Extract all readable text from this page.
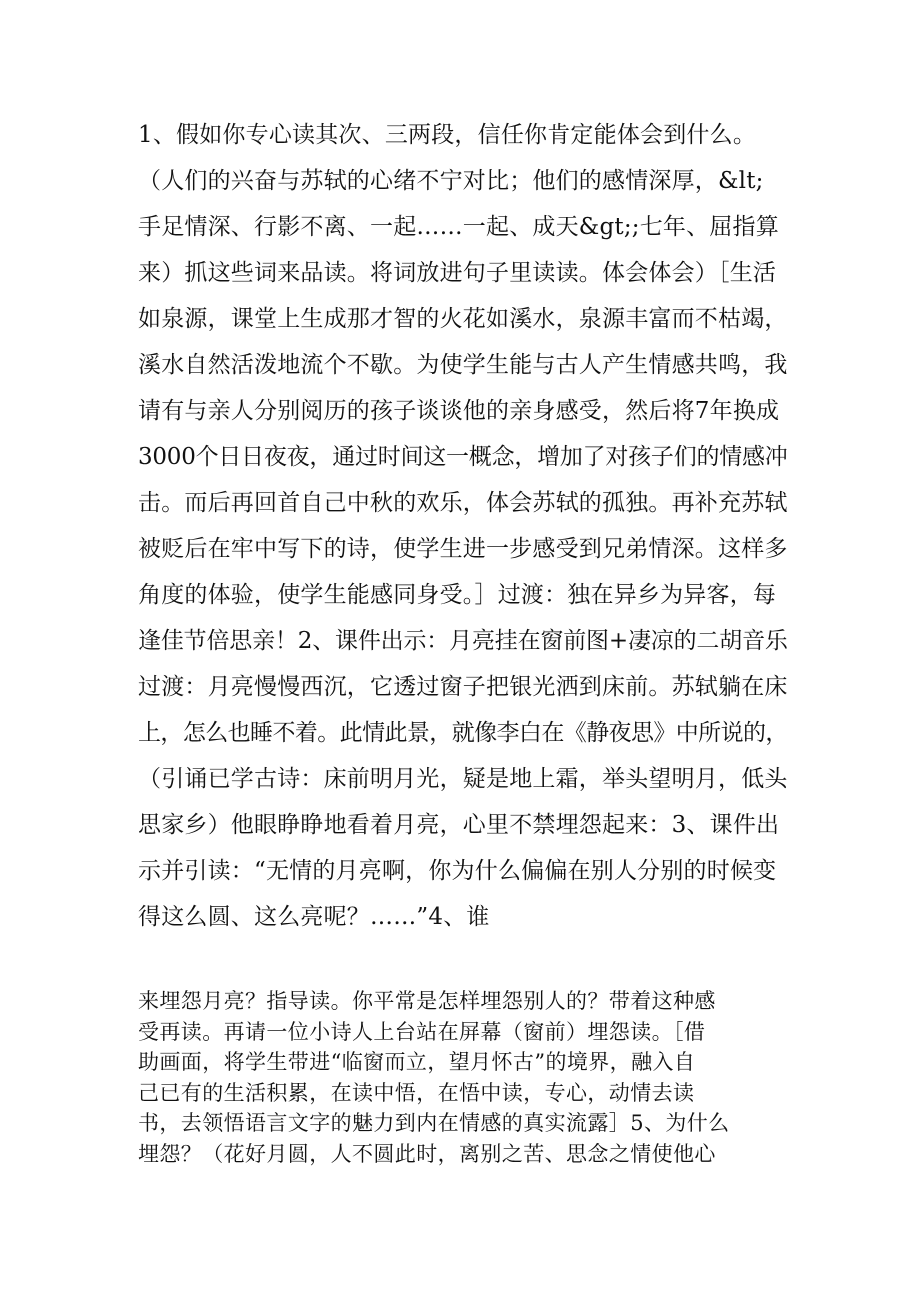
1、假如你专心读其次、三两段，信任你肯定能体会到什么。
（人们的兴奋与苏轼的心绪不宁对比；他们的感情深厚，&lt;
手足情深、行影不离、一起……一起、成天&gt;;七年、屈指算
来）抓这些词来品读。将词放进句子里读读。体会体会）［生活
如泉源，课堂上生成那才智的火花如溪水，泉源丰富而不枯竭，
溪水自然活泼地流个不歇。为使学生能与古人产生情感共鸣，我
请有与亲人分别阅历的孩子谈谈他的亲身感受，然后将7年换成
3000个日日夜夜，通过时间这一概念，增加了对孩子们的情感冲
击。而后再回首自己中秋的欢乐，体会苏轼的孤独。再补充苏轼
被贬后在牢中写下的诗，使学生进一步感受到兄弟情深。这样多
角度的体验，使学生能感同身受。］过渡：独在异乡为异客，每
逢佳节倍思亲！2、课件出示：月亮挂在窗前图+凄凉的二胡音乐
过渡：月亮慢慢西沉，它透过窗子把银光洒到床前。苏轼躺在床
上，怎么也睡不着。此情此景，就像李白在《静夜思》中所说的，
（引诵已学古诗：床前明月光，疑是地上霜，举头望明月，低头
思家乡）他眼睁睁地看着月亮，心里不禁埋怨起来：3、课件出
示并引读：“无情的月亮啊，你为什么偏偏在别人分别的时候变
得这么圆、这么亮呢？……”4、谁
来埋怨月亮？指导读。你平常是怎样埋怨别人的？带着这种感
受再读。再请一位小诗人上台站在屏幕（窗前）埋怨读。［借
助画面，将学生带进“临窗而立，望月怀古”的境界，融入自
己已有的生活积累，在读中悟，在悟中读，专心，动情去读
书，去领悟语言文字的魅力到内在情感的真实流露］5、为什么
埋怨？（花好月圆，人不圆此时，离别之苦、思念之情使他心
